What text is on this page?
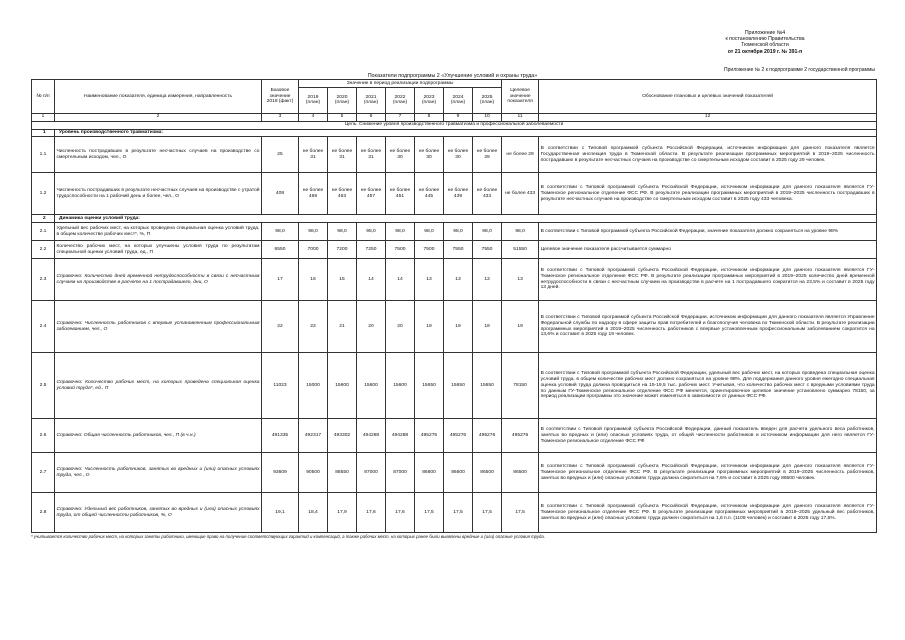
Приложение №4
к постановлению Правительства
Тюменской области
от 21 октября 2019 г. № 391-п
Приложение № 2 к подпрограмме 2 государственной программы
Показатели подпрограммы 2 «Улучшение условий и охраны труда»
№ п/п	Наименование показателя, единица измерения, направленность	Базовое значение 2018 (факт)	Значение в период реализации подпрограммы							Целевое значение показателя	Обоснование плановых и целевых значений показателей
			2019 (план)	2020 (план)	2021 (план)	2022 (план)	2023 (план)	2024 (план)	2025 (план)		
1	2	3	4	5	6	7	8	9	10	11	12
Цель. Снижение уровня производственного травматизма и профессиональной заболеваемости											
1	Уровень производственного травматизма:										
1.1	Численность пострадавших в результате несчастных случаев на производстве со смертельным исходом, чел., О	25	не более 31	не более 31	не более 31	не более 30	не более 30	не более 30	не более 29	не более 29	В соответствии с Типовой программой субъекта Российской Федерации, источником информации для данного показателя является Государственная инспекция труда в Тюменской области. В результате реализации программных мероприятий в 2019–2025 численность пострадавших в результате несчастных случаев на производстве со смертельным исходом составит в 2025 году 29 человек.
1.2	Численность пострадавших в результате несчастных случаев на производстве с утратой трудоспособности на 1 рабочий день и более, чел., О	408	не более 469	не более 463	не более 457	не более 451	не более 445	не более 439	не более 433	не более 433	В соответствии с Типовой программой субъекта Российской Федерации, источником информации для данного показателя является ГУ-Тюменское региональное отделение ФСС РФ. В результате реализации программных мероприятий в 2019–2025 численность пострадавших в результате несчастных случаев на производстве со смертельным исходом составит в 2025 году 433 человека.
2	Динамика оценки условий труда:										
2.1	Удельный вес рабочих мест, на которых проведена специальная оценка условий труда, в общем количестве рабочих мест*, %, П	98,0	98,0	98,0	98,0	98,0	98,0	98,0	98,0	98,0	В соответствии с Типовой программой субъекта Российской Федерации, значение показателя должно сохраняться на уровне 98%
2.2	Количество рабочих мест, на которых улучшены условия труда по результатам специальной оценки условий труда, ед., П	6550	7000	7200	7250	7500	7500	7550	7550	51550	Целевое значение показателя рассчитывается суммарно
2.3	Справочно: Количество дней временной нетрудоспособности в связи с несчастным случаем на производстве в расчете на 1 пострадавшего, дни, О	17	16	15	14	14	13	13	13	13	В соответствии с Типовой программой субъекта Российской Федерации, источником информации для данного показателя является ГУ-Тюменское региональное отделение ФСС РФ. В результате реализации программных мероприятий в 2019–2025 количество дней временной нетрудоспособности в связи с несчастным случаем на производстве в расчете на 1 пострадавшего сократится на 23,5% и составит в 2025 году 13 дней.
2.4	Справочно: Численность работников с впервые установленным профессиональным заболеванием, чел., О	22	22	21	20	20	19	19	19	19	В соответствии с Типовой программой субъекта Российской Федерации, источником информации для данного показателя является Управление Федеральной службы по надзору в сфере защиты прав потребителей и благополучия человека по Тюменской области. В результате реализации программных мероприятий в 2019–2025 численность работников с впервые установленным профессиональным заболеванием сократится на 13,6% и составит в 2025 году 19 человек.
2.5	Справочно: Количество рабочих мест, на которых проведена специальная оценка условий труда*, ед., П	11023	15000	15600	15600	15600	15650	15650	15650	78150	В соответствии с Типовой программой субъекта Российской Федерации, удельный вес рабочих мест, на которых проведена специальная оценка условий труда, в общем количестве рабочих мест должно сохраняться на уровне 98%. Для поддержания данного уровня ежегодно специальная оценка условий труда должна проводиться на 15-19,5 тыс. рабочих мест. Учитывая, что количество рабочих мест с вредными условиями труда по данным ГУ-Тюменское региональное отделение ФСС РФ меняется, ориентировочное целевое значение установлено суммарно 78150, за период реализации программы это значение может изменяться в зависимости от данных ФСС РФ.
2.6	Справочно: Общая численность работников, чел., П (в ч.н.)	491335	492317	493302	494288	494288	495276	495276	495276	495276	В соответствии с Типовой программой субъекта Российской Федерации, данный показатель введен для расчета удельного веса работников, занятых во вредных и (или) опасных условиях труда, от общей численности работников и источником информации для него является ГУ-Тюменское региональное отделение ФСС РФ
2.7	Справочно: Численность работников, занятых во вредных и (или) опасных условиях труда, чел., О	93609	90500	88550	87000	87000	86800	86600	86500	86500	В соответствии с Типовой программой субъекта Российской Федерации, источником информации для данного показателя является ГУ-Тюменское региональное отделение ФСС РФ. В результате реализации программных мероприятий в 2019–2025 численность работников, занятых во вредных и (или) опасных условиях труда должна сократиться на 7,6% и составит в 2025 году 86500 человек.
2.8	Справочно: Удельный вес работников, занятых во вредных и (или) опасных условиях труда, от общей численности работников, %, О	19,1	18,4	17,9	17,6	17,6	17,5	17,5	17,5	17,5	В соответствии с Типовой программой субъекта Российской Федерации, источником информации для данного показателя является ГУ-Тюменское региональное отделение ФСС РФ. В результате реализации программных мероприятий в 2019–2025 удельный вес работников, занятых во вредных и (или) опасных условиях труда должен сократиться на 1,6 п.п. (1109 человек) и составит в 2025 году 17,5%.
* учитывается количество рабочих мест, на которых заняты работники, имеющие право на получение соответствующих гарантий и компенсаций, а также рабочих мест, на которых ранее были выявлены вредные и (или) опасные условия труда.
